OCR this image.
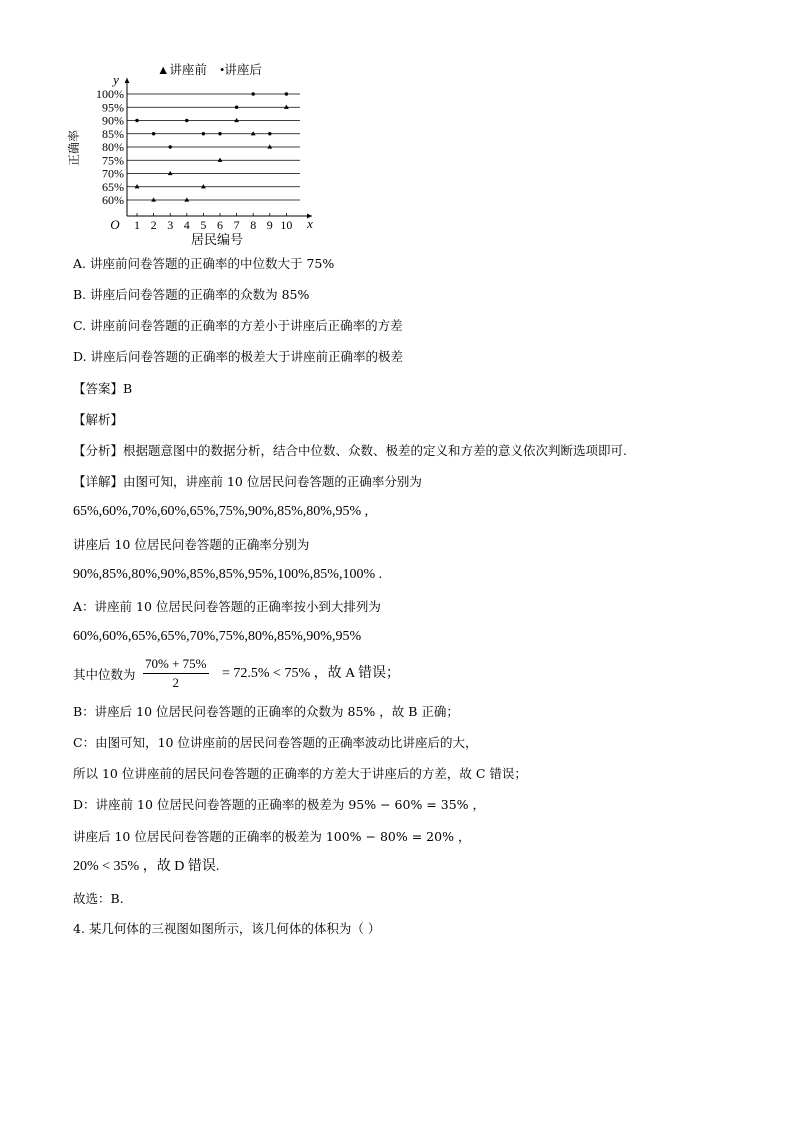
▲讲座前 •讲座后
60%
65%
70%
75%
80%
85%
90%
95%
100%
1 2 3 4 5 6 7 8 9 10
O	x
y
居民编号
正确率
A. 讲座前问卷答题的正确率的中位数大于 75%
B. 讲座后问卷答题的正确率的众数为 85%
C. 讲座前问卷答题的正确率的方差小于讲座后正确率的方差
D. 讲座后问卷答题的正确率的极差大于讲座前正确率的极差
【答案】B
【解析】
【分析】根据题意图中的数据分析，结合中位数、众数、极差的定义和方差的意义依次判断选项即可.
【详解】由图可知，讲座前 10 位居民问卷答题的正确率分别为
65%,60%,70%,60%,65%,75%,90%,85%,80%,95% ,
讲座后 10 位居民问卷答题的正确率分别为
90%,85%,80%,90%,85%,85%,95%,100%,85%,100% .
A：讲座前 10 位居民问卷答题的正确率按小到大排列为
60%,60%,65%,65%,70%,75%,80%,85%,90%,95%
其中位数为 $\frac{70\% + 75\%}{2} = 72.5\% < 75\%$ ，故 A 错误；
B：讲座后 10 位居民问卷答题的正确率的众数为 85% ，故 B 正确；
C：由图可知，10 位讲座前的居民问卷答题的正确率波动比讲座后的大，
所以 10 位讲座前的居民问卷答题的正确率的方差大于讲座后的方差，故 C 错误；
D：讲座前 10 位居民问卷答题的正确率的极差为 95% − 60% = 35% ，
讲座后 10 位居民问卷答题的正确率的极差为 100% − 80% = 20% ，
20% < 35% ，故 D 错误.
故选：B.
4. 某几何体的三视图如图所示，该几何体的体积为（ ）
